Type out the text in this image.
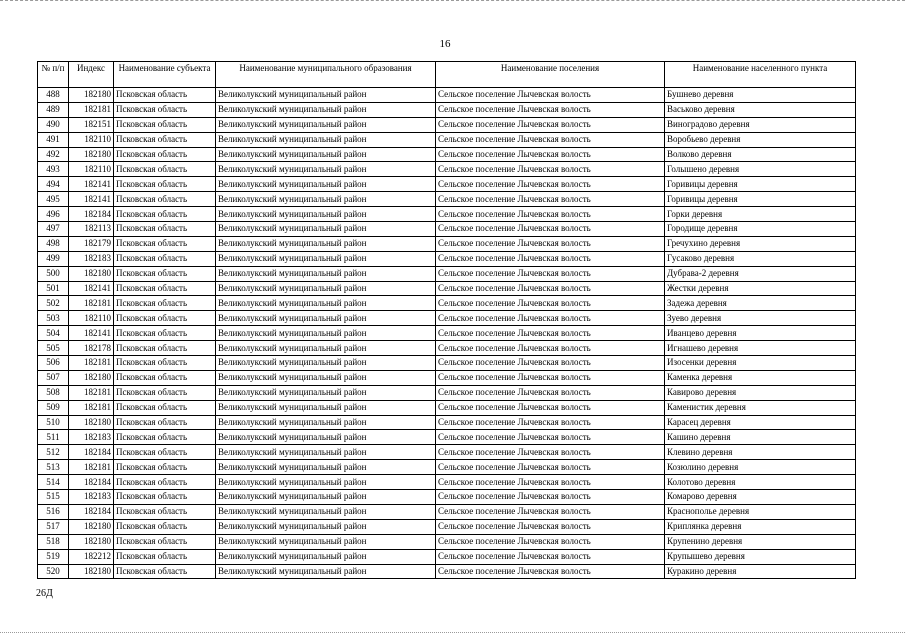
16
№ п/п	Индекс	Наименование субъекта	Наименование муниципального образования	Наименование поселения	Наименование населенного пункта
488	182180	Псковская область	Великолукский муниципальный район	Сельское поселение Лычевская волость	Бушнево деревня
489	182181	Псковская область	Великолукский муниципальный район	Сельское поселение Лычевская волость	Васьково деревня
490	182151	Псковская область	Великолукский муниципальный район	Сельское поселение Лычевская волость	Виноградово деревня
491	182110	Псковская область	Великолукский муниципальный район	Сельское поселение Лычевская волость	Воробьево деревня
492	182180	Псковская область	Великолукский муниципальный район	Сельское поселение Лычевская волость	Волково деревня
493	182110	Псковская область	Великолукский муниципальный район	Сельское поселение Лычевская волость	Голышено деревня
494	182141	Псковская область	Великолукский муниципальный район	Сельское поселение Лычевская волость	Горивицы деревня
495	182141	Псковская область	Великолукский муниципальный район	Сельское поселение Лычевская волость	Горивицы деревня
496	182184	Псковская область	Великолукский муниципальный район	Сельское поселение Лычевская волость	Горки деревня
497	182113	Псковская область	Великолукский муниципальный район	Сельское поселение Лычевская волость	Городище деревня
498	182179	Псковская область	Великолукский муниципальный район	Сельское поселение Лычевская волость	Гречухино деревня
499	182183	Псковская область	Великолукский муниципальный район	Сельское поселение Лычевская волость	Гусаково деревня
500	182180	Псковская область	Великолукский муниципальный район	Сельское поселение Лычевская волость	Дубрава-2 деревня
501	182141	Псковская область	Великолукский муниципальный район	Сельское поселение Лычевская волость	Жестки деревня
502	182181	Псковская область	Великолукский муниципальный район	Сельское поселение Лычевская волость	Задежа деревня
503	182110	Псковская область	Великолукский муниципальный район	Сельское поселение Лычевская волость	Зуево деревня
504	182141	Псковская область	Великолукский муниципальный район	Сельское поселение Лычевская волость	Иванцево деревня
505	182178	Псковская область	Великолукский муниципальный район	Сельское поселение Лычевская волость	Игнашево деревня
506	182181	Псковская область	Великолукский муниципальный район	Сельское поселение Лычевская волость	Изосенки деревня
507	182180	Псковская область	Великолукский муниципальный район	Сельское поселение Лычевская волость	Каменка деревня
508	182181	Псковская область	Великолукский муниципальный район	Сельское поселение Лычевская волость	Кавирово деревня
509	182181	Псковская область	Великолукский муниципальный район	Сельское поселение Лычевская волость	Каменистик деревня
510	182180	Псковская область	Великолукский муниципальный район	Сельское поселение Лычевская волость	Карасец деревня
511	182183	Псковская область	Великолукский муниципальный район	Сельское поселение Лычевская волость	Кашино деревня
512	182184	Псковская область	Великолукский муниципальный район	Сельское поселение Лычевская волость	Клевино деревня
513	182181	Псковская область	Великолукский муниципальный район	Сельское поселение Лычевская волость	Козюлино деревня
514	182184	Псковская область	Великолукский муниципальный район	Сельское поселение Лычевская волость	Колотово деревня
515	182183	Псковская область	Великолукский муниципальный район	Сельское поселение Лычевская волость	Комарово деревня
516	182184	Псковская область	Великолукский муниципальный район	Сельское поселение Лычевская волость	Краснополье деревня
517	182180	Псковская область	Великолукский муниципальный район	Сельское поселение Лычевская волость	Криплянка деревня
518	182180	Псковская область	Великолукский муниципальный район	Сельское поселение Лычевская волость	Крупенино деревня
519	182212	Псковская область	Великолукский муниципальный район	Сельское поселение Лычевская волость	Крупышево деревня
520	182180	Псковская область	Великолукский муниципальный район	Сельское поселение Лычевская волость	Куракино деревня
26Д
